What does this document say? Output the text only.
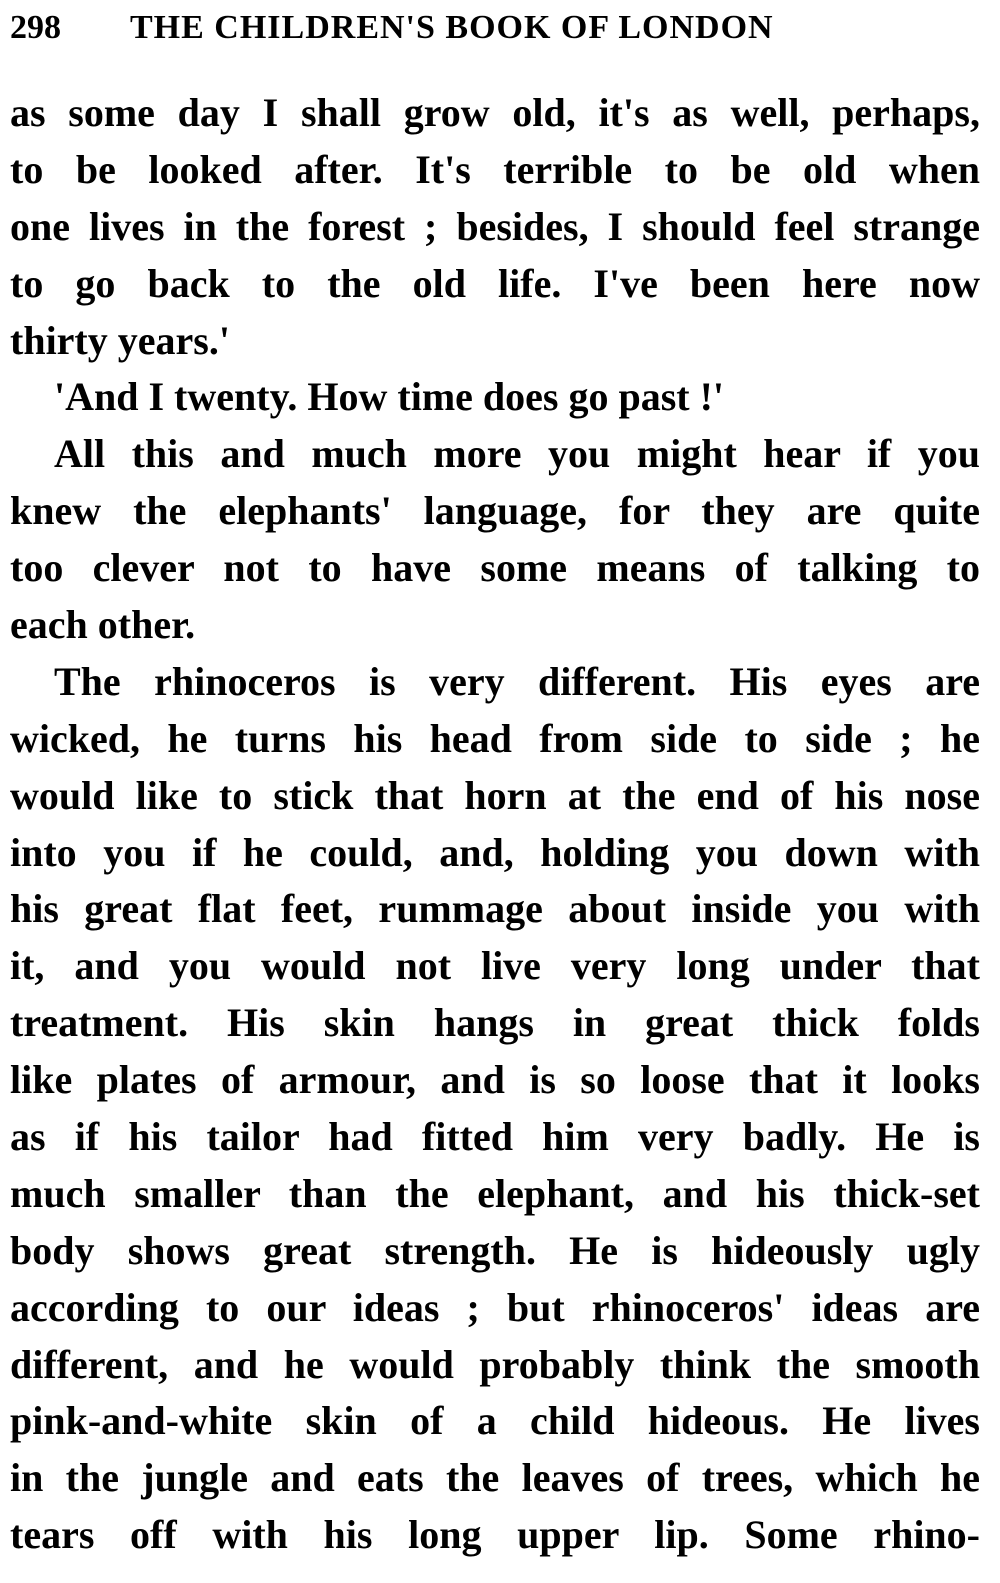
298 THE CHILDREN'S BOOK OF LONDON
as some day I shall grow old, it's as well, perhaps,
to be looked after. It's terrible to be old when
one lives in the forest ; besides, I should feel strange
to go back to the old life. I've been here now
thirty years.'
'And I twenty. How time does go past !'
All this and much more you might hear if you
knew the elephants' language, for they are quite
too clever not to have some means of talking to
each other.
The rhinoceros is very different. His eyes are
wicked, he turns his head from side to side ; he
would like to stick that horn at the end of his nose
into you if he could, and, holding you down with
his great flat feet, rummage about inside you with
it, and you would not live very long under that
treatment. His skin hangs in great thick folds
like plates of armour, and is so loose that it looks
as if his tailor had fitted him very badly. He is
much smaller than the elephant, and his thick-set
body shows great strength. He is hideously ugly
according to our ideas ; but rhinoceros' ideas are
different, and he would probably think the smooth
pink-and-white skin of a child hideous. He lives
in the jungle and eats the leaves of trees, which he
tears off with his long upper lip. Some rhino-
